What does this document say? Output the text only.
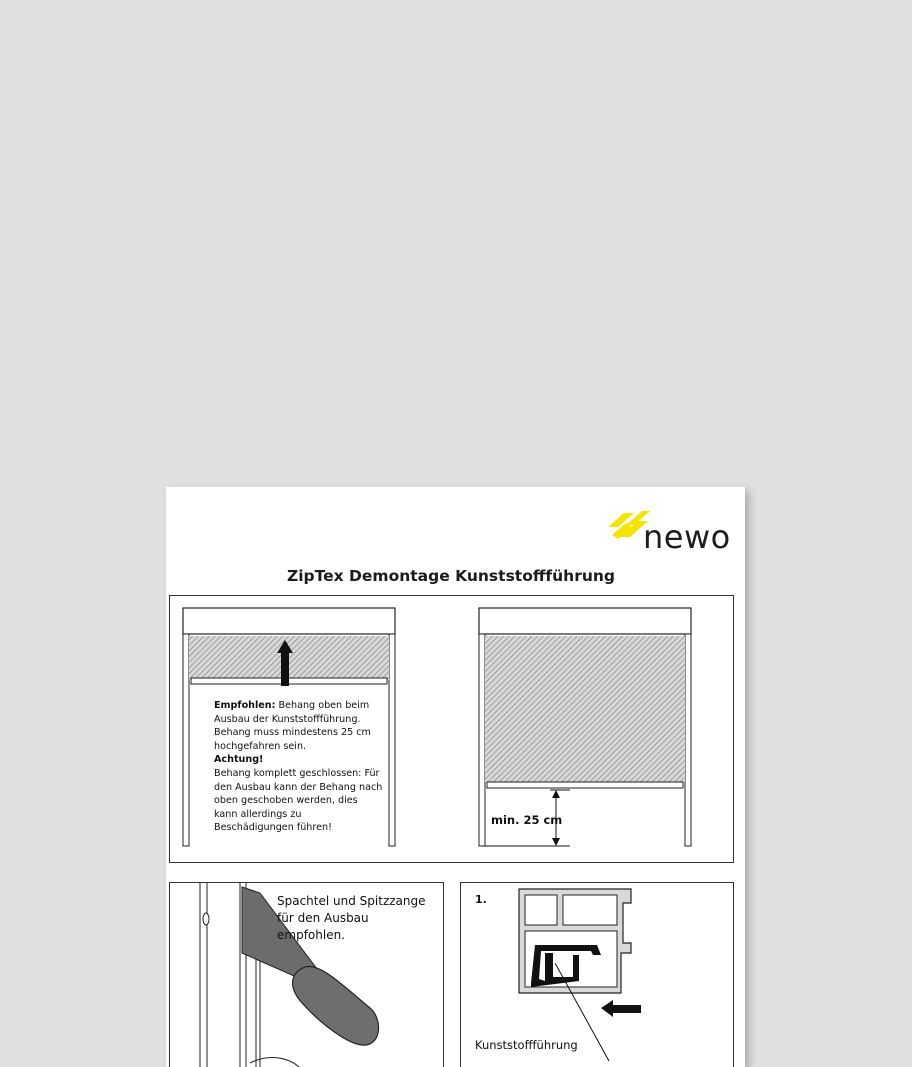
newo
ZipTex Demontage Kunststoffführung
Empfohlen: Behang oben beim Ausbau der Kunststoffführung. Behang muss mindestens 25 cm hochgefahren sein.
Achtung!
Behang komplett geschlossen: Für den Ausbau kann der Behang nach oben geschoben werden, dies kann allerdings zu Beschädigungen führen!
min. 25 cm
Spachtel und Spitzzange für den Ausbau empfohlen.
1.
Kunststoffführung
